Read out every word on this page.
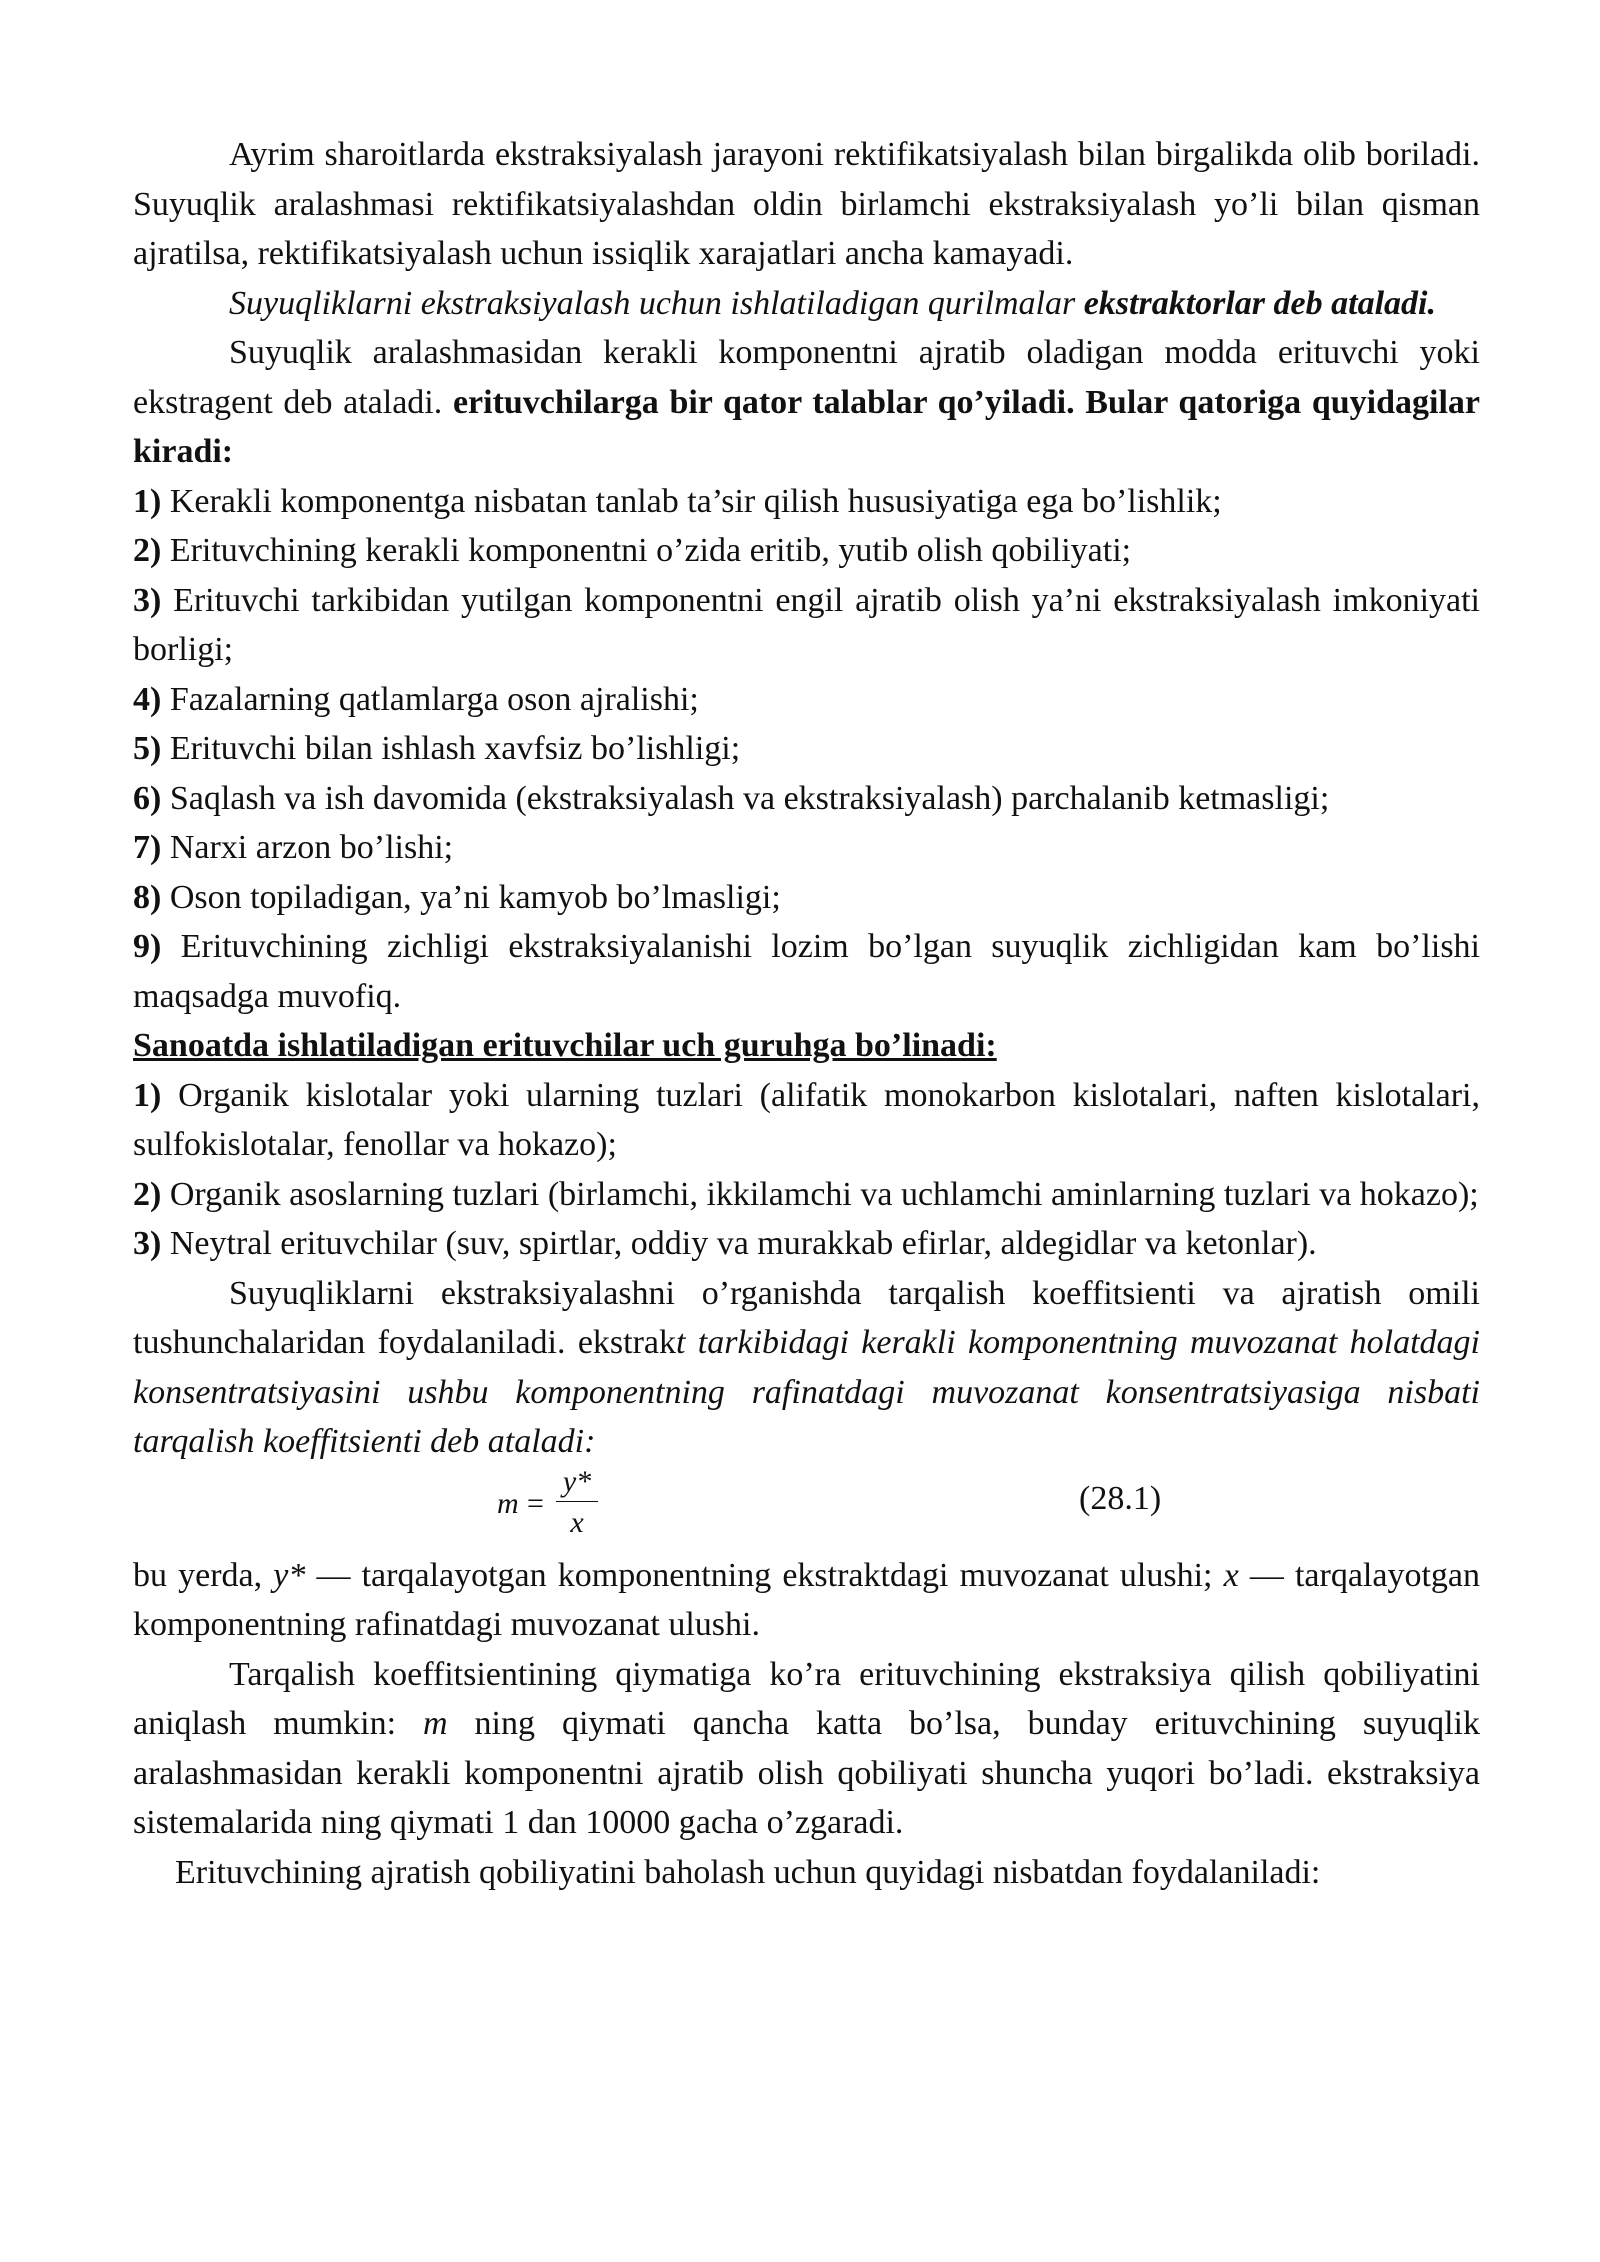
Ayrim sharoitlarda ekstraksiyalash jarayoni rektifikatsiyalash bilan birgalikda olib boriladi. Suyuqlik aralashmasi rektifikatsiyalashdan oldin birlamchi ekstraksiyalash yo’li bilan qisman ajratilsa, rektifikatsiyalash uchun issiqlik xarajatlari ancha kamayadi.

Suyuqliklarni ekstraksiyalash uchun ishlatiladigan qurilmalar ekstraktorlar deb ataladi.

Suyuqlik aralashmasidan kerakli komponentni ajratib oladigan modda erituvchi yoki ekstragent deb ataladi. erituvchilarga bir qator talablar qo’yiladi. Bular qatoriga quyidagilar kiradi:

1) Kerakli komponentga nisbatan tanlab ta’sir qilish hususiyatiga ega bo’lishlik;

2) Erituvchining kerakli komponentni o’zida eritib, yutib olish qobiliyati;

3) Erituvchi tarkibidan yutilgan komponentni engil ajratib olish ya’ni ekstraksiyalash imkoniyati borligi;

4) Fazalarning qatlamlarga oson ajralishi;

5) Erituvchi bilan ishlash xavfsiz bo’lishligi;

6) Saqlash va ish davomida (ekstraksiyalash va ekstraksiyalash) parchalanib ketmasligi;

7) Narxi arzon bo’lishi;

8) Oson topiladigan, ya’ni kamyob bo’lmasligi;

9) Erituvchining zichligi ekstraksiyalanishi lozim bo’lgan suyuqlik zichligidan kam bo’lishi maqsadga muvofiq.

Sanoatda ishlatiladigan erituvchilar uch guruhga bo’linadi:

1) Organik kislotalar yoki ularning tuzlari (alifatik monokarbon kislotalari, naften kislotalari, sulfokislotalar, fenollar va hokazo);

2) Organik asoslarning tuzlari (birlamchi, ikkilamchi va uchlamchi aminlarning tuzlari va hokazo);

3) Neytral erituvchilar (suv, spirtlar, oddiy va murakkab efirlar, aldegidlar va ketonlar).

Suyuqliklarni ekstraksiyalashni o’rganishda tarqalish koeffitsienti va ajratish omili tushunchalaridan foydalaniladi. ekstrakt tarkibidagi kerakli komponentning muvozanat holatdagi konsentratsiyasini ushbu komponentning rafinatdagi muvozanat konsentratsiyasiga nisbati tarqalish koeffitsienti deb ataladi:

$m = \frac{y*}{x}$	(28.1)

bu yerda, y* — tarqalayotgan komponentning ekstraktdagi muvozanat ulushi; x — tarqalayotgan komponentning rafinatdagi muvozanat ulushi.

Tarqalish koeffitsientining qiymatiga ko’ra erituvchining ekstraksiya qilish qobiliyatini aniqlash mumkin: m ning qiymati qancha katta bo’lsa, bunday erituvchining suyuqlik aralashmasidan kerakli komponentni ajratib olish qobiliyati shuncha yuqori bo’ladi. ekstraksiya sistemalarida ning qiymati 1 dan 10000 gacha o’zgaradi.

Erituvchining ajratish qobiliyatini baholash uchun quyidagi nisbatdan foydalaniladi:
